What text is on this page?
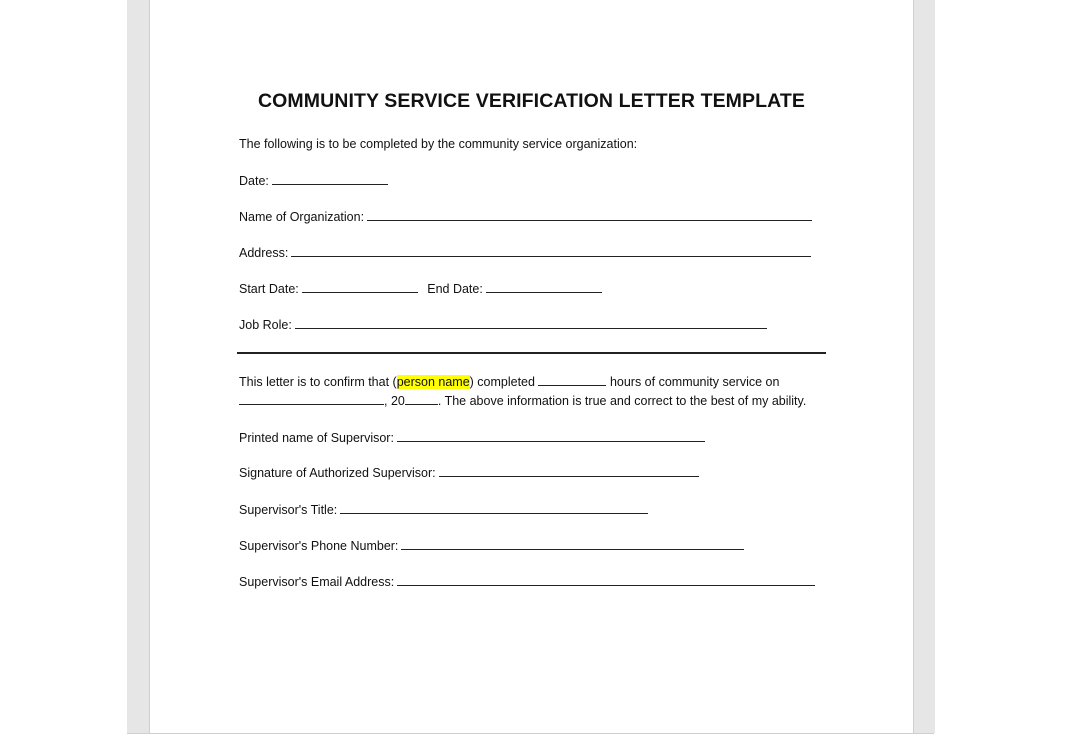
COMMUNITY SERVICE VERIFICATION LETTER TEMPLATE
The following is to be completed by the community service organization:
Date:
Name of Organization:
Address:
Start Date:	End Date:
Job Role:
This letter is to confirm that (person name) completed	hours of community service on
, 20	. The above information is true and correct to the best of my ability.
Printed name of Supervisor:
Signature of Authorized Supervisor:
Supervisor's Title:
Supervisor's Phone Number:
Supervisor's Email Address:
